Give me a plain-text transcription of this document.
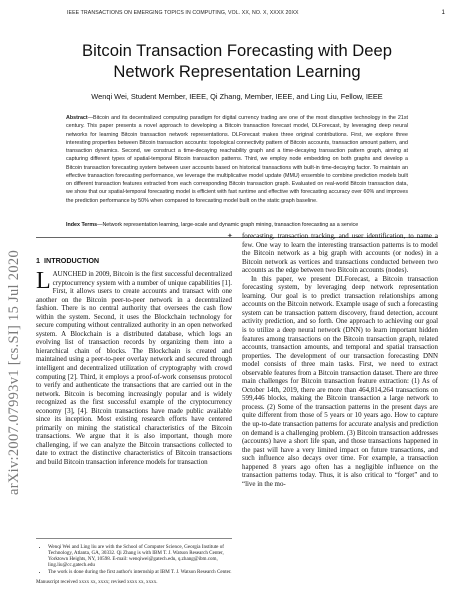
IEEE TRANSACTIONS ON EMERGING TOPICS IN COMPUTING, VOL. XX, NO. X, XXXX 20XX	1
arXiv:2007.07993v1 [cs.SI] 15 Jul 2020
Bitcoin Transaction Forecasting with Deep Network Representation Learning
Wenqi Wei, Student Member, IEEE, Qi Zhang, Member, IEEE, and Ling Liu, Fellow, IEEE
Abstract—Bitcoin and its decentralized computing paradigm for digital currency trading are one of the most disruptive technology in the 21st century. This paper presents a novel approach to developing a Bitcoin transaction forecast model, DLForecast, by leveraging deep neural networks for learning Bitcoin transaction network representations. DLForecast makes three original contributions. First, we explore three interesting properties between Bitcoin transaction accounts: topological connectivity pattern of Bitcoin accounts, transaction amount pattern, and transaction dynamics. Second, we construct a time-decaying reachability graph and a time-decaying transaction pattern graph, aiming at capturing different types of spatial-temporal Bitcoin transaction patterns. Third, we employ node embedding on both graphs and develop a Bitcoin transaction forecasting system between user accounts based on historical transactions with built-in time-decaying factor. To maintain an effective transaction forecasting performance, we leverage the multiplicative model update (MMU) ensemble to combine prediction models built on different transaction features extracted from each corresponding Bitcoin transaction graph. Evaluated on real-world Bitcoin transaction data, we show that our spatial-temporal forecasting model is efficient with fast runtime and effective with forecasting accuracy over 60% and improves the prediction performance by 50% when compared to forecasting model built on the static graph baseline.
Index Terms—Network representation learning, large-scale and dynamic graph mining, transaction forecasting as a service
✦
1 INTRODUCTION
LAUNCHED in 2009, Bitcoin is the first successful decentralized cryptocurrency system with a number of unique capabilities [1]. First, it allows users to create accounts and transact with one another on the Bitcoin peer-to-peer network in a decentralized fashion. There is no central authority that oversees the cash flow within the system. Second, it uses the Blockchain technology for secure computing without centralized authority in an open networked system. A Blockchain is a distributed database, which logs an evolving list of transaction records by organizing them into a hierarchical chain of blocks. The Blockchain is created and maintained using a peer-to-peer overlay network and secured through intelligent and decentralized utilization of cryptography with crowd computing [2]. Third, it employs a proof-of-work consensus protocol to verify and authenticate the transactions that are carried out in the network. Bitcoin is becoming increasingly popular and is widely recognized as the first successful example of the cryptocurrency economy [3], [4]. Bitcoin transactions have made public available since its inception. Most existing research efforts have centered primarily on mining the statistical characteristics of the Bitcoin transactions. We argue that it is also important, though more challenging, if we can analyze the Bitcoin transactions collected to date to extract the distinctive characteristics of Bitcoin transactions and build Bitcoin transaction inference models for transaction
• Wenqi Wei and Ling liu are with the School of Computer Science, Georgia Institute of Technology, Atlanta, GA, 30332. Qi Zhang is with IBM T. J. Watson Research Center, Yorktown Heights, NY, 10598. E-mail: wenqiwei@gatech.edu, q.zhang@ibm.com, ling.liu@cc.gatech.edu
• The work is done during the first author's internship at IBM T. J. Watson Research Center.
Manuscript received xxxx xx, xxxx; revised xxxx xx, xxxx.

forecasting, transaction tracking, and user identification, to name a few. One way to learn the interesting transaction patterns is to model the Bitcoin network as a big graph with accounts (or nodes) in a Bitcoin network as vertices and transactions conducted between two accounts as the edge between two Bitcoin accounts (nodes).

In this paper, we present DLForecast, a Bitcoin transaction forecasting system, by leveraging deep network representation learning. Our goal is to predict transaction relationships among accounts on the Bitcoin network. Example usage of such a forecasting system can be transaction pattern discovery, fraud detection, account activity prediction, and so forth. One approach to achieving our goal is to utilize a deep neural network (DNN) to learn important hidden features among transactions on the Bitcoin transaction graph, related accounts, transaction amounts, and temporal and spatial transaction properties. The development of our transaction forecasting DNN model consists of three main tasks. First, we need to extract observable features from a Bitcoin transaction dataset. There are three main challenges for Bitcoin transaction feature extraction: (1) As of October 14th, 2019, there are more than 464,814,264 transactions on 599,446 blocks, making the Bitcoin transaction a large network to process. (2) Some of the transaction patterns in the present days are quite different from those of 5 years or 10 years ago. How to capture the up-to-date transaction patterns for accurate analysis and prediction on demand is a challenging problem. (3) Bitcoin transaction addresses (accounts) have a short life span, and those transactions happened in the past will have a very limited impact on future transactions, and such influence also decays over time. For example, a transaction happened 8 years ago often has a negligible influence on the transaction patterns today. Thus, it is also critical to “forget” and to “live in the mo-
